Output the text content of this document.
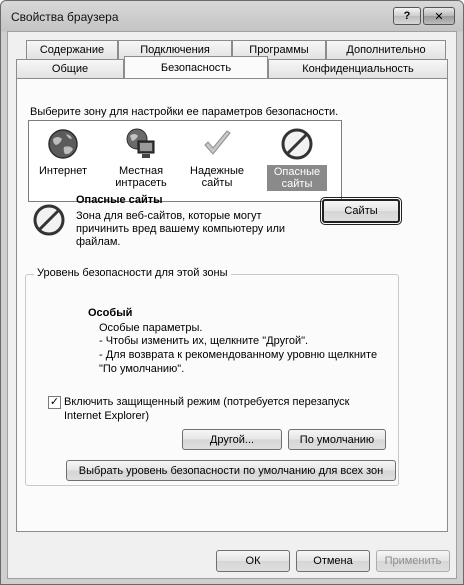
Свойства браузера	? ✕
Содержание	Подключения	Программы	Дополнительно
Общие	Безопасность	Конфиденциальность
Выберите зону для настройки ее параметров безопасности.
Интернет	Местная
интрасеть
Надежные
сайты
Опасные
сайты
Опасные сайты
Зона для веб-сайтов, которые могут
причинить вред вашему компьютеру или
файлам.
Сайты
Уровень безопасности для этой зоны
Особый
Особые параметры.
- Чтобы изменить их, щелкните "Другой".
- Для возврата к рекомендованному уровню щелкните
"По умолчанию".
✓ Включить защищенный режим (потребуется перезапуск
Internet Explorer)
Другой...	По умолчанию
Выбрать уровень безопасности по умолчанию для всех зон
ОК	Отмена	Применить
